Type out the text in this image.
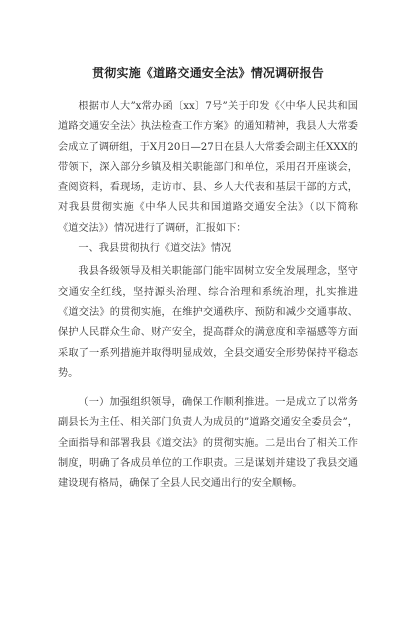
贯彻实施《道路交通安全法》情况调研报告

根据市人大”x常办函〔xx〕7号”关于印发《〈中华人民共和国道路交通安全法〉执法检查工作方案》的通知精神，我县人大常委会成立了调研组，于X月20日—27日在县人大常委会副主任XXX的带领下，深入部分乡镇及相关职能部门和单位，采用召开座谈会，查阅资料，看现场，走访市、县、乡人大代表和基层干部的方式，对我县贯彻实施《中华人民共和国道路交通安全法》（以下简称《道交法》）情况进行了调研，汇报如下：

一、我县贯彻执行《道交法》情况

我县各级领导及相关职能部门能牢固树立安全发展理念，坚守交通安全红线，坚持源头治理、综合治理和系统治理，扎实推进《道交法》的贯彻实施，在维护交通秩序、预防和减少交通事故、保护人民群众生命、财产安全，提高群众的满意度和幸福感等方面采取了一系列措施并取得明显成效，全县交通安全形势保持平稳态势。

（一）加强组织领导，确保工作顺利推进。一是成立了以常务副县长为主任、相关部门负责人为成员的”道路交通安全委员会”，全面指导和部署我县《道交法》的贯彻实施。二是出台了相关工作制度，明确了各成员单位的工作职责。三是谋划并建设了我县交通建设现有格局，确保了全县人民交通出行的安全顺畅。
